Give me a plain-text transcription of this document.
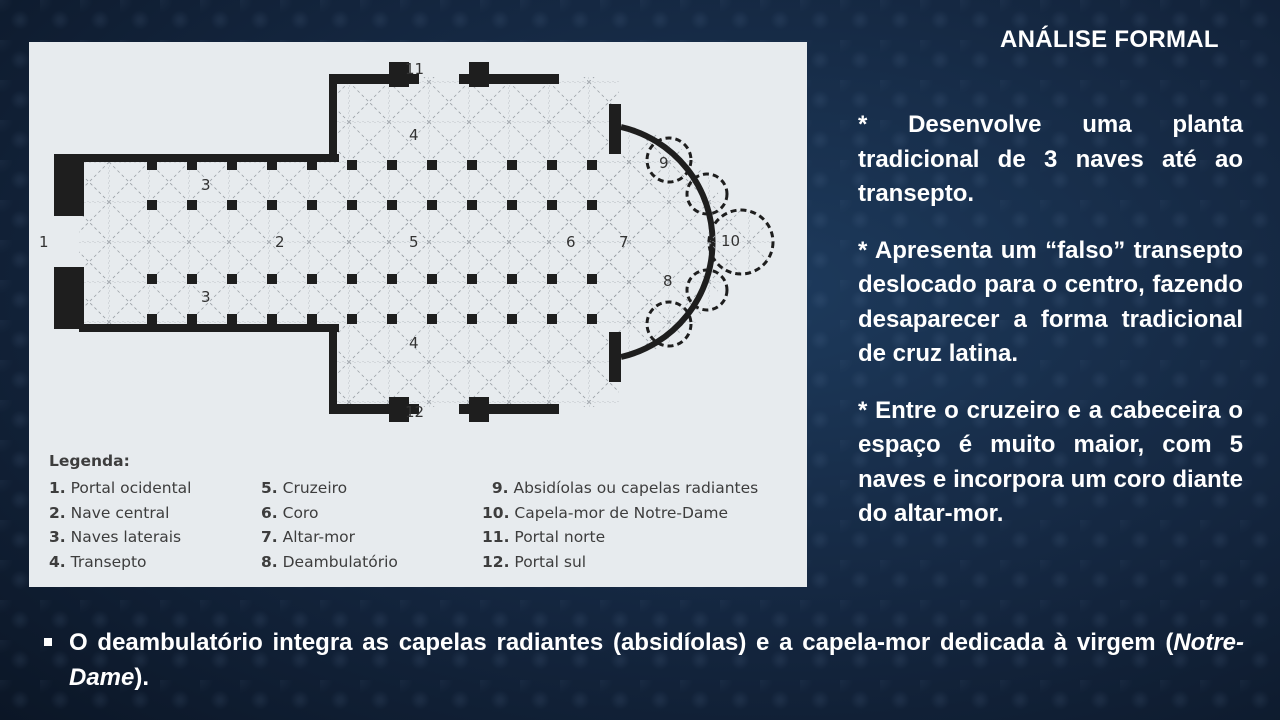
1	2
3
3
4
4
5	6	7
8
9
10
11
12
Legenda:
1. Portal ocidental
2. Nave central
3. Naves laterais
4. Transepto
5. Cruzeiro
6. Coro
7. Altar-mor
8. Deambulatório
9. Absidíolas ou capelas radiantes
10. Capela-mor de Notre-Dame
11. Portal norte
12. Portal sul
ANÁLISE FORMAL

* Desenvolve uma planta tradicional de 3 naves até ao transepto.

* Apresenta um “falso” transepto deslocado para o centro, fazendo desaparecer a forma tradicional de cruz latina.

* Entre o cruzeiro e a cabeceira o espaço é muito maior, com 5 naves e incorpora um coro diante do altar-mor.

O deambulatório integra as capelas radiantes (absidíolas) e a capela-mor dedicada à virgem (Notre-Dame).
